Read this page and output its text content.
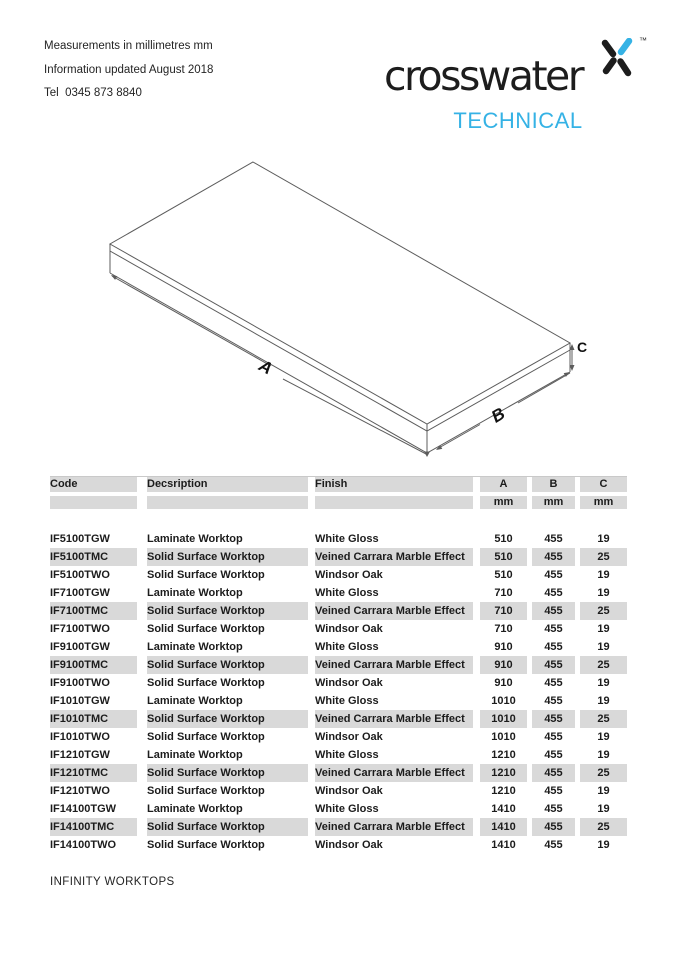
Measurements in millimetres mm
Information updated August 2018
Tel  0345 873 8840	crosswater
™
TECHNICAL
A
B
C
Code		Decsription		Finish		A		B		C

						mm		mm		mm

IF5100TGW		Laminate Worktop		White Gloss		510		455		19
IF5100TMC		Solid Surface Worktop		Veined Carrara Marble Effect		510		455		25
IF5100TWO		Solid Surface Worktop		Windsor Oak		510		455		19
IF7100TGW		Laminate Worktop		White Gloss		710		455		19
IF7100TMC		Solid Surface Worktop		Veined Carrara Marble Effect		710		455		25
IF7100TWO		Solid Surface Worktop		Windsor Oak		710		455		19
IF9100TGW		Laminate Worktop		White Gloss		910		455		19
IF9100TMC		Solid Surface Worktop		Veined Carrara Marble Effect		910		455		25
IF9100TWO		Solid Surface Worktop		Windsor Oak		910		455		19
IF1010TGW		Laminate Worktop		White Gloss		1010		455		19
IF1010TMC		Solid Surface Worktop		Veined Carrara Marble Effect		1010		455		25
IF1010TWO		Solid Surface Worktop		Windsor Oak		1010		455		19
IF1210TGW		Laminate Worktop		White Gloss		1210		455		19
IF1210TMC		Solid Surface Worktop		Veined Carrara Marble Effect		1210		455		25
IF1210TWO		Solid Surface Worktop		Windsor Oak		1210		455		19
IF14100TGW		Laminate Worktop		White Gloss		1410		455		19
IF14100TMC		Solid Surface Worktop		Veined Carrara Marble Effect		1410		455		25
IF14100TWO		Solid Surface Worktop		Windsor Oak		1410		455		19
INFINITY WORKTOPS
